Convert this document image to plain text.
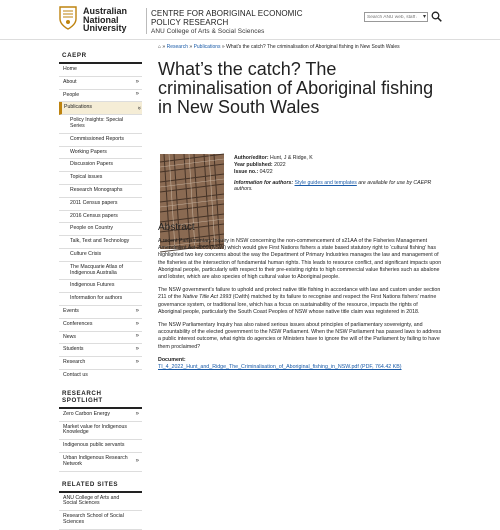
Australian
National
University
CENTRE FOR ABORIGINAL ECONOMIC
POLICY RESEARCH
ANU College of Arts & Social Sciences
Search ANU web, staff & maps
▾
CAEPR
Home
About	»
People	»
Publications	»
Policy Insights: Special Series
Commissioned Reports
Working Papers
Discussion Papers
Topical issues
Research Monographs
2011 Census papers
2016 Census papers
People on Country
Talk, Text and Technology
Culture Crisis
The Macquarie Atlas of Indigenous Australia
Indigenous Futures
Information for authors
Events	»
Conferences	»
News	»
Students	»
Research	»
Contact us
RESEARCH SPOTLIGHT
Zero Carbon Energy	»
Market value for Indigenous Knowledge
Indigenous public servants
Urban Indigenous Research Network	»
RELATED SITES
ANU College of Arts and Social Sciences
Research School of Social Sciences
⌂ » Research » Publications » What's the catch? The criminalisation of Aboriginal fishing in New South Wales
What’s the catch? The criminalisation of Aboriginal fishing in New South Wales
Author/editor: Hunt, J & Ridge, K
Year published: 2022
Issue no.: 04/22
Information for authors: Style guides and templates are available for use by CAEPR authors.
Abstract

A recent Parliamentary Inquiry in NSW concerning the non-commencement of s21AA of the Fisheries Management Amendment Act 2009 (NSW) which would give First Nations fishers a state based statutory right to ‘cultural fishing’ has highlighted two key concerns about the way the Department of Primary Industries manages the law and management of the fisheries at the intersection of fundamental human rights. This leads to resource conflict, and significant impacts upon Aboriginal people, particularly with respect to their pre-existing rights to high commercial value fisheries such as abalone and lobster, which are also species of high cultural value to Aboriginal people.

The NSW government’s failure to uphold and protect native title fishing in accordance with law and custom under section 211 of the Native Title Act 1993 (Cwlth) matched by its failure to recognise and respect the First Nations fishers’ marine governance system, or traditional lore, which has a focus on sustainability of the resource, impacts the rights of Aboriginal people, particularly the South Coast Peoples of NSW whose native title claim was registered in 2018.

The NSW Parliamentary Inquiry has also raised serious issues about principles of parliamentary sovereignty, and accountability of the elected government to the NSW Parliament. When the NSW Parliament has passed laws to address a public interest outcome, what rights do agencies or Ministers have to ignore the will of the Parliament by failing to have them proclaimed?

Document:
TI_4_2022_Hunt_and_Ridge_The_Criminalisation_of_Aboriginal_fishing_in_NSW.pdf (PDF, 764.42 KB)
